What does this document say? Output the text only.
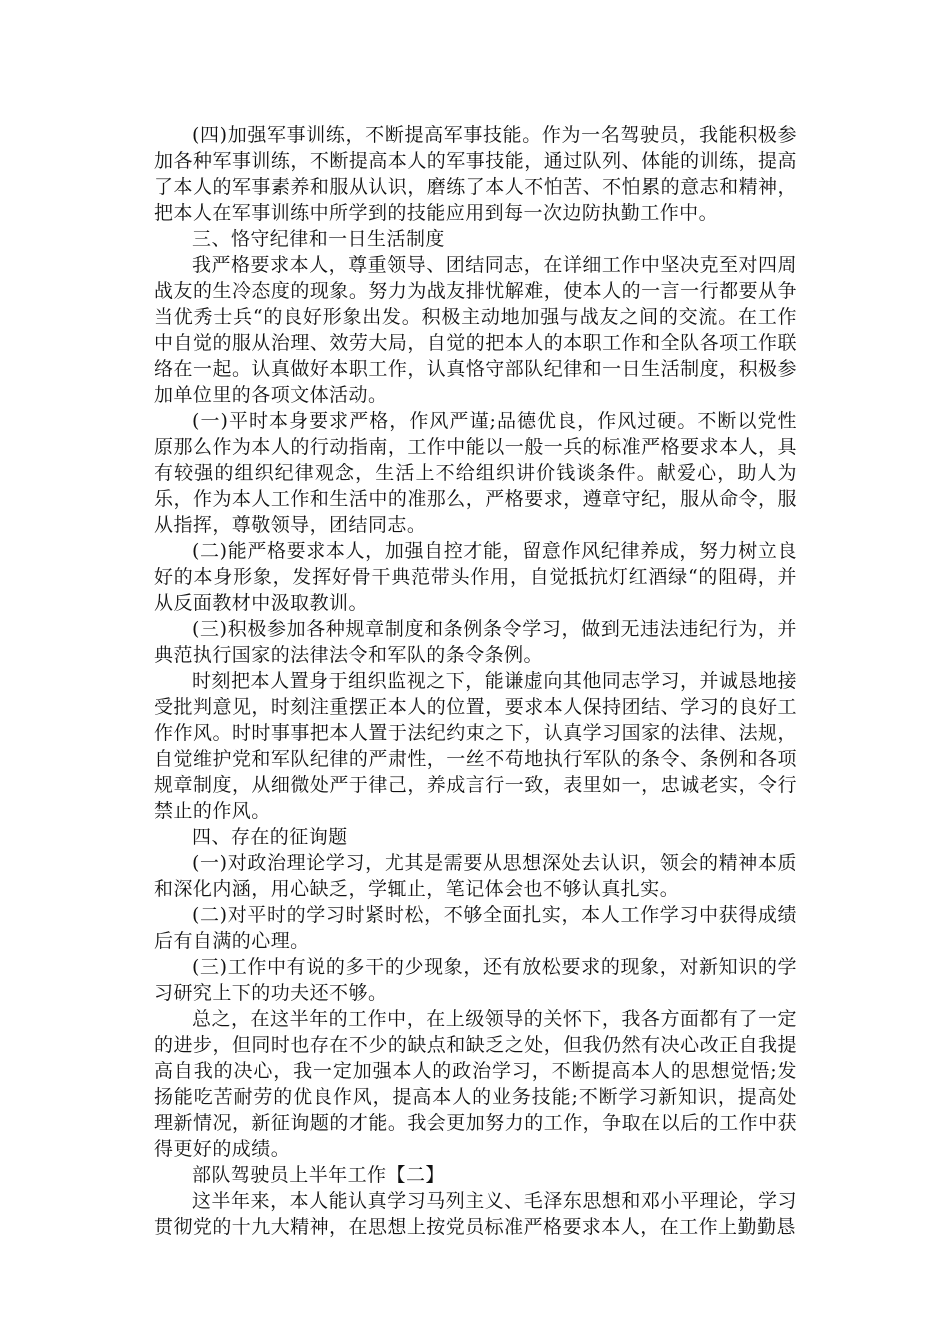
(四)加强军事训练，不断提高军事技能。作为一名驾驶员，我能积极参加各种军事训练，不断提高本人的军事技能，通过队列、体能的训练，提高了本人的军事素养和服从认识，磨练了本人不怕苦、不怕累的意志和精神，把本人在军事训练中所学到的技能应用到每一次边防执勤工作中。

三、恪守纪律和一日生活制度

我严格要求本人，尊重领导、团结同志，在详细工作中坚决克至对四周战友的生冷态度的现象。努力为战友排忧解难，使本人的一言一行都要从争当优秀士兵“的良好形象出发。积极主动地加强与战友之间的交流。在工作中自觉的服从治理、效劳大局，自觉的把本人的本职工作和全队各项工作联络在一起。认真做好本职工作，认真恪守部队纪律和一日生活制度，积极参加单位里的各项文体活动。

(一)平时本身要求严格，作风严谨;品德优良，作风过硬。不断以党性原那么作为本人的行动指南，工作中能以一般一兵的标准严格要求本人，具有较强的组织纪律观念，生活上不给组织讲价钱谈条件。献爱心，助人为乐，作为本人工作和生活中的准那么，严格要求，遵章守纪，服从命令，服从指挥，尊敬领导，团结同志。

(二)能严格要求本人，加强自控才能，留意作风纪律养成，努力树立良好的本身形象，发挥好骨干典范带头作用，自觉抵抗灯红酒绿“的阻碍，并从反面教材中汲取教训。

(三)积极参加各种规章制度和条例条令学习，做到无违法违纪行为，并典范执行国家的法律法令和军队的条令条例。

时刻把本人置身于组织监视之下，能谦虚向其他同志学习，并诚恳地接受批判意见，时刻注重摆正本人的位置，要求本人保持团结、学习的良好工作作风。时时事事把本人置于法纪约束之下，认真学习国家的法律、法规，自觉维护党和军队纪律的严肃性，一丝不苟地执行军队的条令、条例和各项规章制度，从细微处严于律己，养成言行一致，表里如一，忠诚老实，令行禁止的作风。

四、存在的征询题

(一)对政治理论学习，尤其是需要从思想深处去认识，领会的精神本质和深化内涵，用心缺乏，学辄止，笔记体会也不够认真扎实。

(二)对平时的学习时紧时松，不够全面扎实，本人工作学习中获得成绩后有自满的心理。

(三)工作中有说的多干的少现象，还有放松要求的现象，对新知识的学习研究上下的功夫还不够。

总之，在这半年的工作中，在上级领导的关怀下，我各方面都有了一定的进步，但同时也存在不少的缺点和缺乏之处，但我仍然有决心改正自我提高自我的决心，我一定加强本人的政治学习，不断提高本人的思想觉悟;发扬能吃苦耐劳的优良作风，提高本人的业务技能;不断学习新知识，提高处理新情况，新征询题的才能。我会更加努力的工作，争取在以后的工作中获得更好的成绩。

部队驾驶员上半年工作【二】

这半年来，本人能认真学习马列主义、毛泽东思想和邓小平理论，学习贯彻党的十九大精神，在思想上按党员标准严格要求本人，在工作上勤勤恳
